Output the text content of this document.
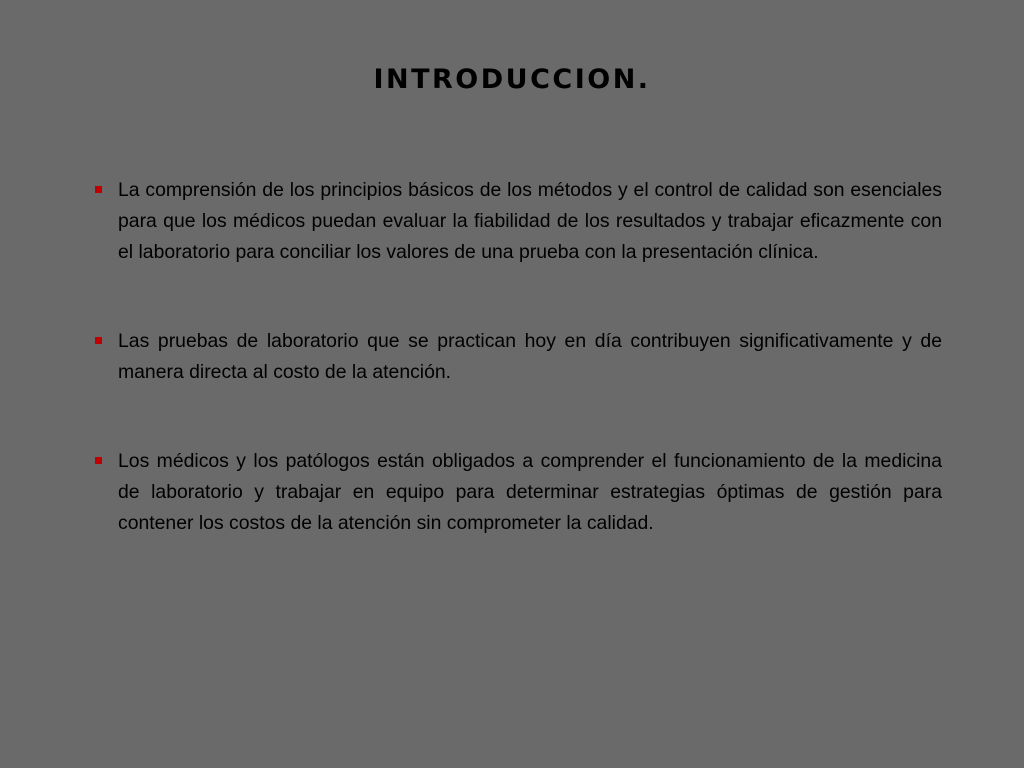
INTRODUCCION.
La comprensión de los principios básicos de los métodos y el control de calidad son esenciales para que los médicos puedan evaluar la fiabilidad de los resultados y trabajar eficazmente con el laboratorio para conciliar los valores de una prueba con la presentación clínica.
Las pruebas de laboratorio que se practican hoy en día contribuyen significativamente y de manera directa al costo de la atención.
Los médicos y los patólogos están obligados a comprender el funcionamiento de la medicina de laboratorio y trabajar en equipo para determinar estrategias óptimas de gestión para contener los costos de la atención sin comprometer la calidad.
